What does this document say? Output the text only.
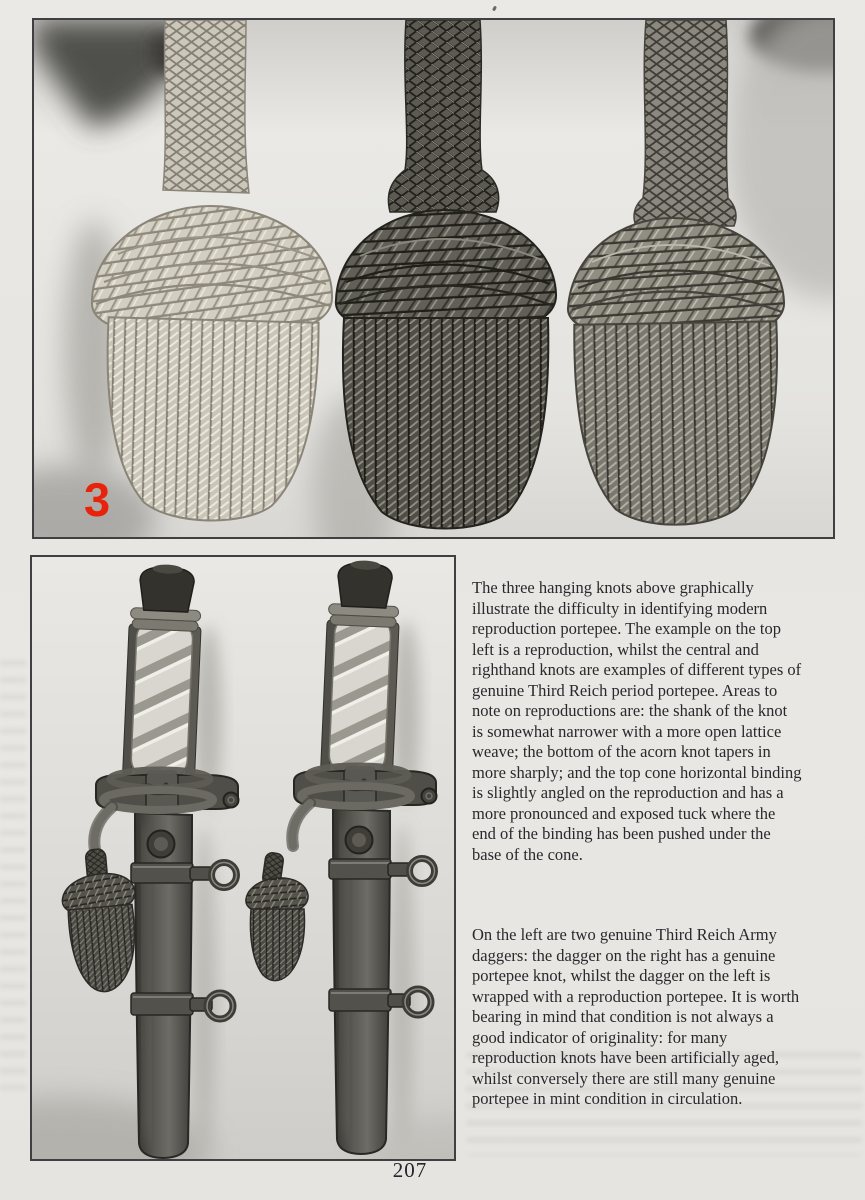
3
The three hanging knots above graphically
illustrate the difficulty in identifying modern
reproduction portepee. The example on the top
left is a reproduction, whilst the central and
righthand knots are examples of different types of
genuine Third Reich period portepee. Areas to
note on reproductions are: the shank of the knot
is somewhat narrower with a more open lattice
weave; the bottom of the acorn knot tapers in
more sharply; and the top cone horizontal binding
is slightly angled on the reproduction and has a
more pronounced and exposed tuck where the
end of the binding has been pushed under the
base of the cone.
On the left are two genuine Third Reich Army
daggers: the dagger on the right has a genuine
portepee knot, whilst the dagger on the left is
wrapped with a reproduction portepee. It is worth
bearing in mind that condition is not always a
good indicator of originality: for many
reproduction knots have been artificially aged,
whilst conversely there are still many genuine
portepee in mint condition in circulation.
207
